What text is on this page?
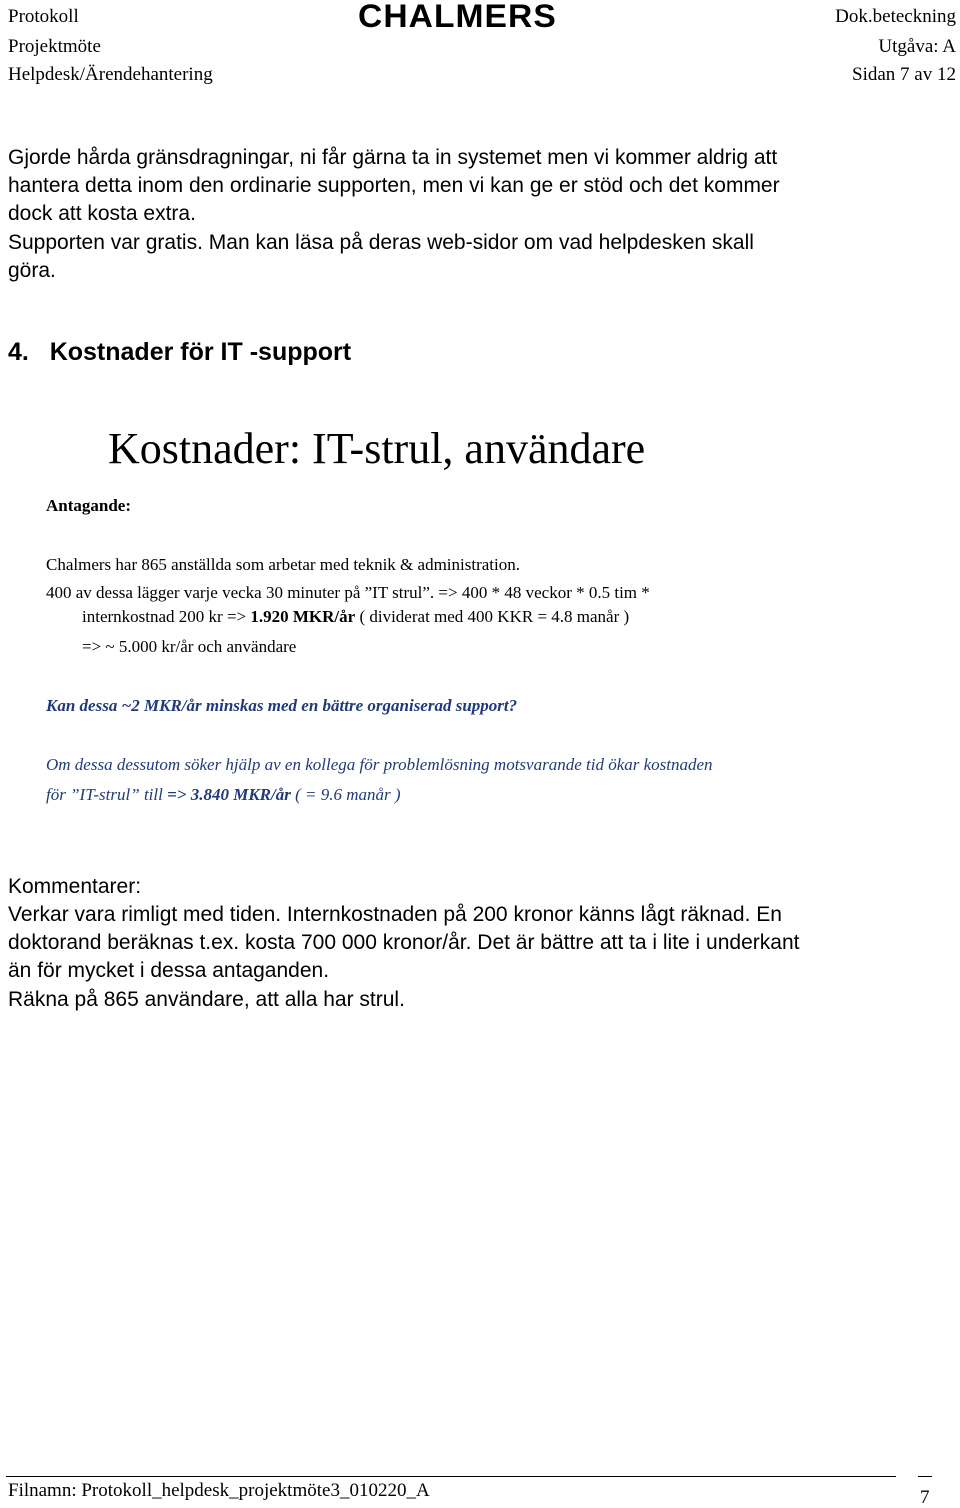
Protokoll
Projektmöte
Helpdesk/Ärendehantering
CHALMERS	Dok.beteckning
Utgåva: A
Sidan 7 av 12
Gjorde hårda gränsdragningar, ni får gärna ta in systemet men vi kommer aldrig att
hantera detta inom den ordinarie supporten, men vi kan ge er stöd och det kommer
dock att kosta extra.
Supporten var gratis. Man kan läsa på deras web-sidor om vad helpdesken skall
göra.
4. Kostnader för IT -support
Kostnader: IT-strul, användare
Antagande:
Chalmers har 865 anställda som arbetar med teknik & administration.
400 av dessa lägger varje vecka 30 minuter på ”IT strul”. => 400 * 48 veckor * 0.5 tim *
internkostnad 200 kr => 1.920 MKR/år ( dividerat med 400 KKR = 4.8 manår )
=> ~ 5.000 kr/år och användare
Kan dessa ~2 MKR/år minskas med en bättre organiserad support?
Om dessa dessutom söker hjälp av en kollega för problemlösning motsvarande tid ökar kostnaden
för ”IT-strul” till => 3.840 MKR/år ( = 9.6 manår )
Kommentarer:
Verkar vara rimligt med tiden. Internkostnaden på 200 kronor känns lågt räknad. En
doktorand beräknas t.ex. kosta 700 000 kronor/år. Det är bättre att ta i lite i underkant
än för mycket i dessa antaganden.
Räkna på 865 användare, att alla har strul.
Filnamn: Protokoll_helpdesk_projektmöte3_010220_A	7
